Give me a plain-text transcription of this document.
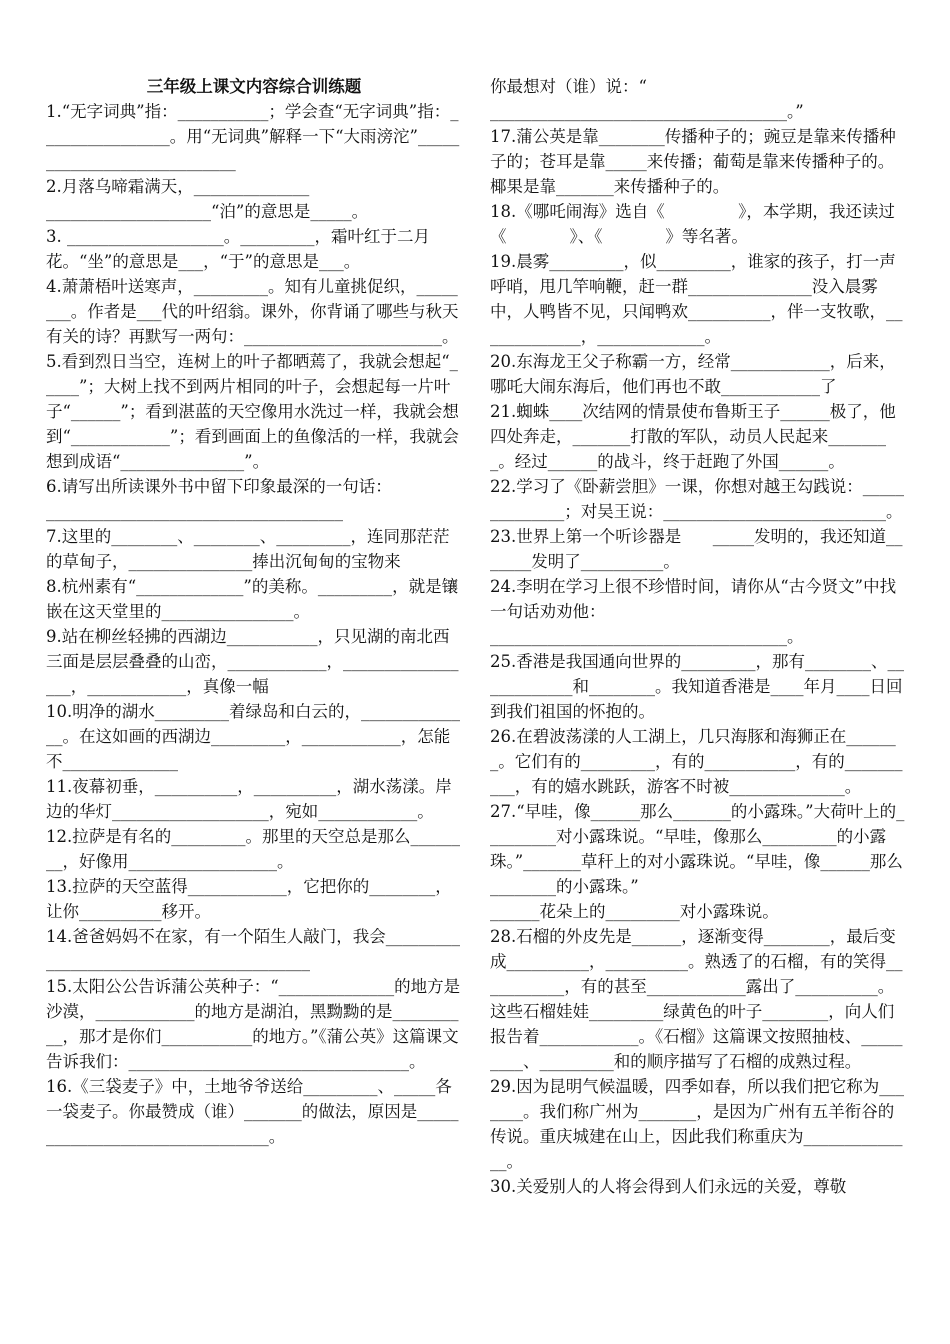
三年级上课文内容综合训练题

1.“无字词典”指：___________；学会查“无字词典”指：________________。用“无词典”解释一下“大雨滂沱”____________________________

2.月落乌啼霜满天，______________
____________________“泊”的意思是_____。

3. ___________________。_________，霜叶红于二月花。“坐”的意思是___，“于”的意思是___。

4.萧萧梧叶送寒声，_________。知有儿童挑促织，________。作者是___代的叶绍翁。课外，你背诵了哪些与秋天有关的诗？再默写一两句：________________________。

5.看到烈日当空，连树上的叶子都晒蔫了，我就会想起“_____”；大树上找不到两片相同的叶子，会想起每一片叶子“______”；看到湛蓝的天空像用水洗过一样，我就会想到“____________”；看到画面上的鱼像活的一样，我就会想到成语“_______________”。

6.请写出所读课外书中留下印象最深的一句话：
____________________________________

7.这里的________、________、_________，连同那茫茫的草甸子，_______________捧出沉甸甸的宝物来

8.杭州素有“_____________”的美称。_________，就是镶嵌在这天堂里的________________。

9.站在柳丝轻拂的西湖边___________，只见湖的南北西三面是层层叠叠的山峦，____________，_________________，____________，真像一幅

10.明净的湖水_________着绿岛和白云的，______________。在这如画的西湖边_________，____________，怎能不______________

11.夜幕初垂，__________，__________，湖水荡漾。岸边的华灯___________________，宛如____________。

12.拉萨是有名的_________。那里的天空总是那么________，好像用__________________。

13.拉萨的天空蓝得____________，它把你的________，让你__________移开。

14.爸爸妈妈不在家，有一个陌生人敲门，我会_________________________________________

15.太阳公公告诉蒲公英种子：“______________的地方是沙漠，____________的地方是湖泊，黑黝黝的是__________，那才是你们___________的地方。”《蒲公英》这篇课文告诉我们：__________________________________。

16.《三袋麦子》中，土地爷爷送给_________、_____各一袋麦子。你最赞成（谁）_______的做法，原因是________________________________。

你最想对（谁）说：“
____________________________________。”

17.蒲公英是靠________传播种子的；豌豆是靠来传播种子的；苍耳是靠_____来传播；葡萄是靠来传播种子的。椰果是靠_______来传播种子的。

18.《哪吒闹海》选自《              》，本学期，我还读过《            》、《            》等名著。

19.晨雾_________，似_________，谁家的孩子，打一声呼哨，甩几竿响鞭，赶一群_______________没入晨雾中，人鸭皆不见，只闻鸭欢__________，伴一支牧歌，_____________，_____________。

20.东海龙王父子称霸一方，经常____________，后来，哪吒大闹东海后，他们再也不敢____________了

21.蜘蛛____次结网的情景使布鲁斯王子______极了，他四处奔走，_______打散的军队，动员人民起来________。经过______的战斗，终于赶跑了外国______。

22.学习了《卧薪尝胆》一课，你想对越王勾践说：______________；对吴王说：___________________________。

23.世界上第一个听诊器是      _____发明的，我还知道_______发明了__________。

24.李明在学习上很不珍惜时间，请你从“古今贤文”中找一句话劝劝他：
____________________________________。

25.香港是我国通向世界的_________，那有________、____________和________。我知道香港是____年月____日回到我们祖国的怀抱的。

26.在碧波荡漾的人工湖上，几只海豚和海狮正在_______。它们有的_________，有的___________，有的__________，有的嬉水跳跃，游客不时被______________。

27.“早哇，像______那么_______的小露珠。”大荷叶上的_________对小露珠说。“早哇，像那么_________的小露珠。”_______草秆上的对小露珠说。“早哇，像______那么________的小露珠。”
______花朵上的_________对小露珠说。

28.石榴的外皮先是______，逐渐变得________，最后变成__________，__________。熟透了的石榴，有的笑得___________，有的甚至____________露出了__________。这些石榴娃娃_________绿黄色的叶子________，向人们报告着____________。《石榴》这篇课文按照抽枝、_________、_________和的顺序描写了石榴的成熟过程。

29.因为昆明气候温暖，四季如春，所以我们把它称为_______。我们称广州为_______，是因为广州有五羊衔谷的传说。重庆城建在山上，因此我们称重庆为______________。

30.关爱别人的人将会得到人们永远的关爱，尊敬
